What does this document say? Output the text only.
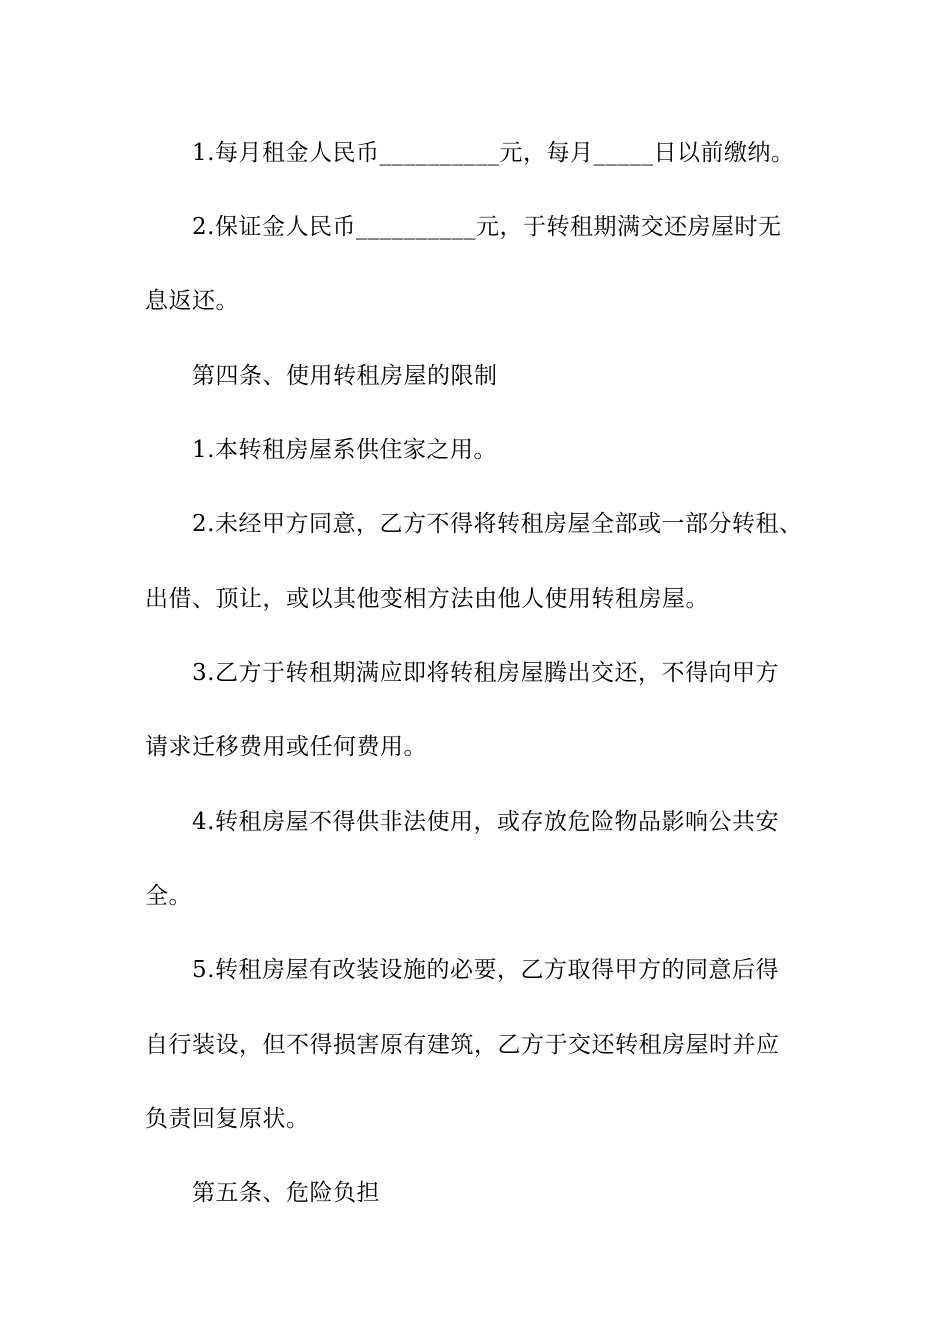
1.每月租金人民币__________元，每月_____日以前缴纳。
2.保证金人民币__________元，于转租期满交还房屋时无
息返还。
第四条、使用转租房屋的限制
1.本转租房屋系供住家之用。
2.未经甲方同意，乙方不得将转租房屋全部或一部分转租、
出借、顶让，或以其他变相方法由他人使用转租房屋。
3.乙方于转租期满应即将转租房屋腾出交还，不得向甲方
请求迁移费用或任何费用。
4.转租房屋不得供非法使用，或存放危险物品影响公共安
全。
5.转租房屋有改装设施的必要，乙方取得甲方的同意后得
自行装设，但不得损害原有建筑，乙方于交还转租房屋时并应
负责回复原状。
第五条、危险负担
